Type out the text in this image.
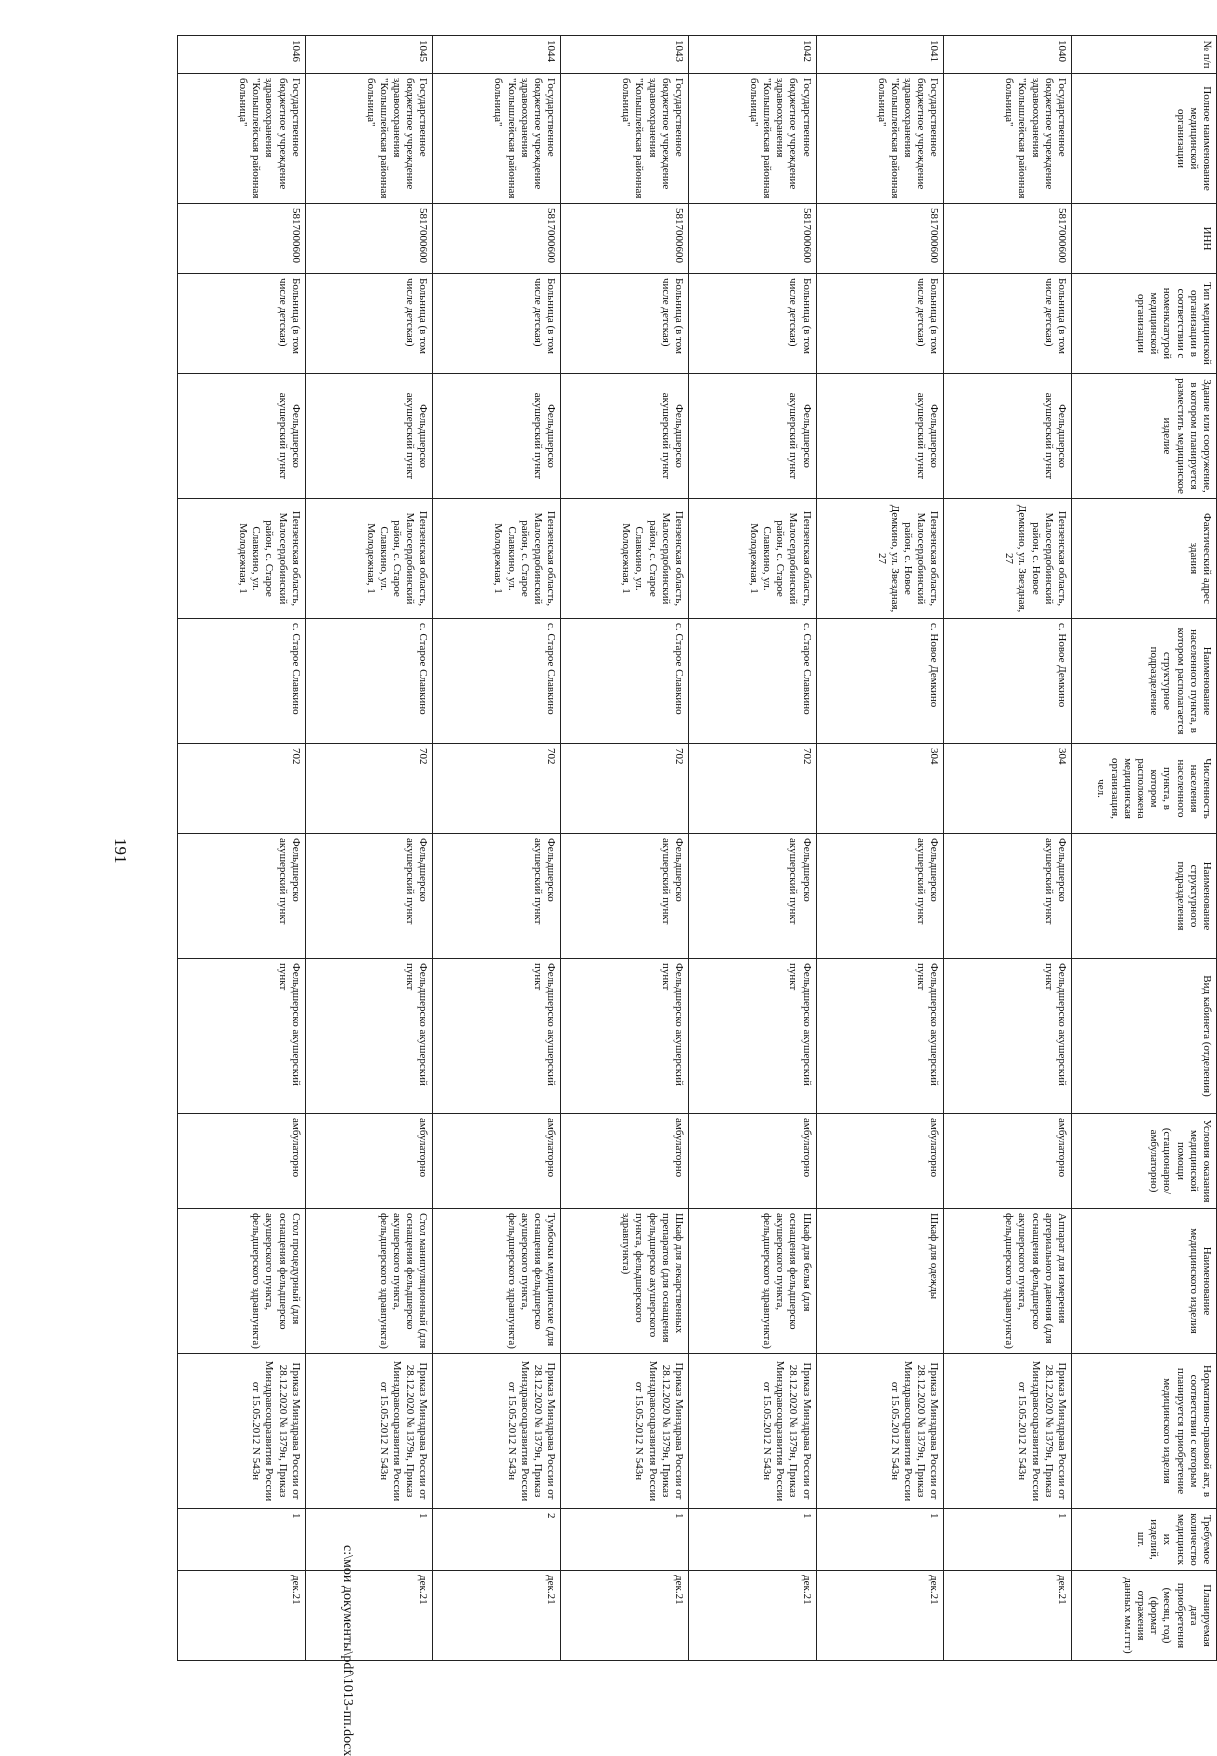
191
№ п/п	Полное наименование медицинской организации	ИНН	Тип медицинской организации в соответствии с номенклатурой медицинской организации	Здание или сооружение, в котором планируется разместить медицинское изделие	Фактический адрес здания	Наименование населенного пункта, в котором располагается структурное подразделение	Численность населения населенного пункта, в котором расположена медицинская организация, чел.	Наименование структурного подразделения	Вид кабинета (отделения)	Условия оказания медицинской помощи (стационарно/амбулаторно)	Наименование медицинского изделия	Нормативно-правовой акт, в соответствии с которым планируется приобретение медицинского изделия	Требуемое количество медицинских изделий, шт.	Планируемая дата приобретения (месяц, год) (формат отражения данных мм.гггг)
1040	Государственное бюджетное учреждение здравоохранения "Колышлейская районная больница"	5817000600	Больница (в том числе детская)	Фельдшерско акушерский пункт	Пензенская область, Малосердобинский район, с. Новое Демкино, ул. Звездная, 27	с. Новое Демкино	304	Фельдшерско акушерский пункт	Фельдшерско акушерский пункт	амбулаторно	Аппарат для измерения артериального давения (для оснащения фельдшерско акушерского пункта, фельдшерского здравпункта)	Приказ Минздрава России от 28.12.2020 № 1379н, Приказ Минздравсоцразвития России от 15.05.2012 N 543н	1	дек.21
1041	Государственное бюджетное учреждение здравоохранения "Колышлейская районная больница"	5817000600	Больница (в том числе детская)	Фельдшерско акушерский пункт	Пензенская область, Малосердобинский район, с. Новое Демкино, ул. Звездная, 27	с. Новое Демкино	304	Фельдшерско акушерский пункт	Фельдшерско акушерский пункт	амбулаторно	Шкаф для одежды	Приказ Минздрава России от 28.12.2020 № 1379н, Приказ Минздравсоцразвития России от 15.05.2012 N 543н	1	дек.21
1042	Государственное бюджетное учреждение здравоохранения "Колышлейская районная больница"	5817000600	Больница (в том числе детская)	Фельдшерско акушерский пункт	Пензенская область, Малосердобинский район, с. Старое Славкино, ул. Молодежная, 1	с. Старое Славкино	702	Фельдшерско акушерский пункт	Фельдшерско акушерский пункт	амбулаторно	Шкаф для белья (для оснащения фельдшерско акушерского пункта, фельдшерского здравпункта)	Приказ Минздрава России от 28.12.2020 № 1379н, Приказ Минздравсоцразвития России от 15.05.2012 N 543н	1	дек.21
1043	Государственное бюджетное учреждение здравоохранения "Колышлейская районная больница"	5817000600	Больница (в том числе детская)	Фельдшерско акушерский пункт	Пензенская область, Малосердобинский район, с. Старое Славкино, ул. Молодежная, 1	с. Старое Славкино	702	Фельдшерско акушерский пункт	Фельдшерско акушерский пункт	амбулаторно	Шкаф для лекарственных препаратов (для оснащения фельдшерско акушерского пункта, фельдшерского здравпункта)	Приказ Минздрава России от 28.12.2020 № 1379н, Приказ Минздравсоцразвития России от 15.05.2012 N 543н	1	дек.21
1044	Государственное бюджетное учреждение здравоохранения "Колышлейская районная больница"	5817000600	Больница (в том числе детская)	Фельдшерско акушерский пункт	Пензенская область, Малосердобинский район, с. Старое Славкино, ул. Молодежная, 1	с. Старое Славкино	702	Фельдшерско акушерский пункт	Фельдшерско акушерский пункт	амбулаторно	Тумбочки медицинские (для оснащения фельдшерско акушерского пункта, фельдшерского здравпункта)	Приказ Минздрава России от 28.12.2020 № 1379н, Приказ Минздравсоцразвития России от 15.05.2012 N 543н	2	дек.21
1045	Государственное бюджетное учреждение здравоохранения "Колышлейская районная больница"	5817000600	Больница (в том числе детская)	Фельдшерско акушерский пункт	Пензенская область, Малосердобинский район, с. Старое Славкино, ул. Молодежная, 1	с. Старое Славкино	702	Фельдшерско акушерский пункт	Фельдшерско акушерский пункт	амбулаторно	Стол манипуляционный (для оснащения фельдшерско акушерского пункта, фельдшерского здравпункта)	Приказ Минздрава России от 28.12.2020 № 1379н, Приказ Минздравсоцразвития России от 15.05.2012 N 543н	1	дек.21
1046	Государственное бюджетное учреждение здравоохранения "Колышлейская районная больница"	5817000600	Больница (в том числе детская)	Фельдшерско акушерский пункт	Пензенская область, Малосердобинский район, с. Старое Славкино, ул. Молодежная, 1	с. Старое Славкино	702	Фельдшерско акушерский пункт	Фельдшерско акушерский пункт	амбулаторно	Стол процедурный (для оснащения фельдшерско акушерского пункта, фельдшерского здравпункта)	Приказ Минздрава России от 28.12.2020 № 1379н, Приказ Минздравсоцразвития России от 15.05.2012 N 543н	1	дек.21	c:\мои документы\pdf\1013-пп.docx
